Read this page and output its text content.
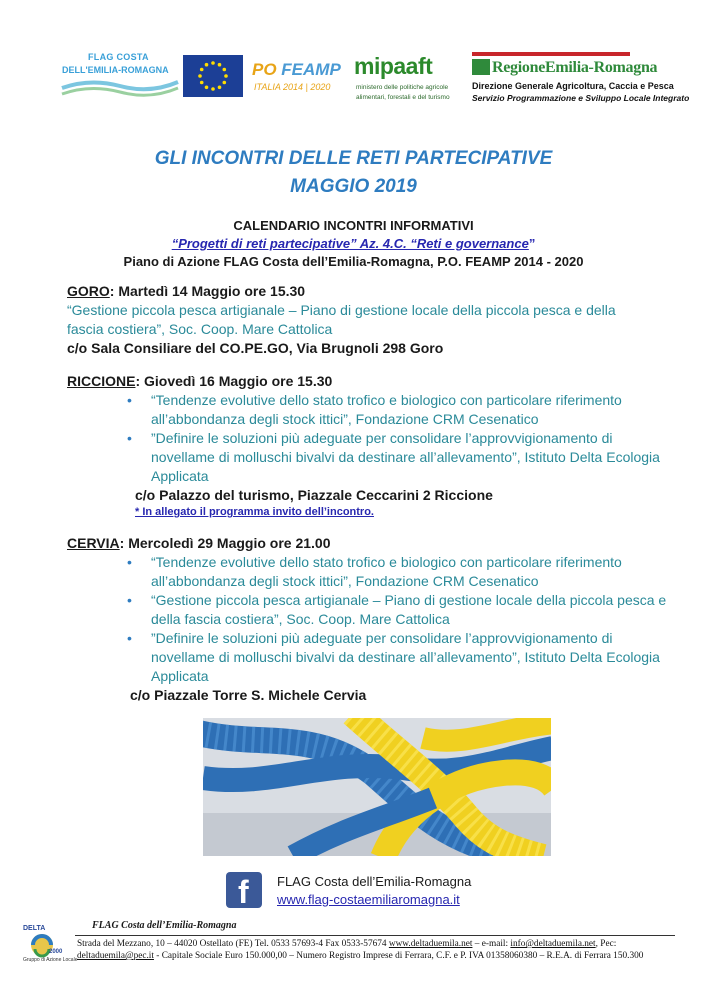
FLAG COSTA
DELL'EMILIA-ROMAGNA	PO FEAMP
ITALIA 2014 | 2020
mipaaft
ministero delle politiche agricole
alimentari, forestali e del turismo
RegioneEmilia-Romagna
Direzione Generale Agricoltura, Caccia e Pesca
Servizio Programmazione e Sviluppo Locale Integrato
GLI INCONTRI DELLE RETI PARTECIPATIVE
MAGGIO 2019
CALENDARIO INCONTRI INFORMATIVI
“Progetti di reti partecipative” Az. 4.C. “Reti e governance”
Piano di Azione FLAG Costa dell’Emilia-Romagna, P.O. FEAMP 2014 - 2020
GORO: Martedì 14 Maggio ore 15.30
“Gestione piccola pesca artigianale – Piano di gestione locale della piccola pesca e della fascia costiera”, Soc. Coop. Mare Cattolica
c/o Sala Consiliare del CO.PE.GO, Via Brugnoli 298 Goro
RICCIONE: Giovedì 16 Maggio ore 15.30
• “Tendenze evolutive dello stato trofico e biologico con particolare riferimento all’abbondanza degli stock ittici”, Fondazione CRM Cesenatico
• ”Definire le soluzioni più adeguate per consolidare l’approvvigionamento di novellame di molluschi bivalvi da destinare all’allevamento”, Istituto Delta Ecologia Applicata
c/o Palazzo del turismo, Piazzale Ceccarini 2 Riccione
* In allegato il programma invito dell’incontro.
CERVIA: Mercoledì 29 Maggio ore 21.00
• “Tendenze evolutive dello stato trofico e biologico con particolare riferimento all’abbondanza degli stock ittici”, Fondazione CRM Cesenatico
• “Gestione piccola pesca artigianale – Piano di gestione locale della piccola pesca e della fascia costiera”, Soc. Coop. Mare Cattolica
• ”Definire le soluzioni più adeguate per consolidare l’approvvigionamento di novellame di molluschi bivalvi da destinare all’allevamento”, Istituto Delta Ecologia Applicata
c/o Piazzale Torre S. Michele Cervia
f FLAG Costa dell’Emilia-Romagna
www.flag-costaemiliaromagna.it
DELTA
2000
Gruppo di Azione Locale
FLAG Costa dell’Emilia-Romagna
Strada del Mezzano, 10 – 44020 Ostellato (FE) Tel. 0533 57693-4 Fax 0533-57674 www.deltaduemila.net – e-mail: info@deltaduemila.net, Pec:
deltaduemila@pec.it - Capitale Sociale Euro 150.000,00 – Numero Registro Imprese di Ferrara, C.F. e P. IVA 01358060380 – R.E.A. di Ferrara 150.300
